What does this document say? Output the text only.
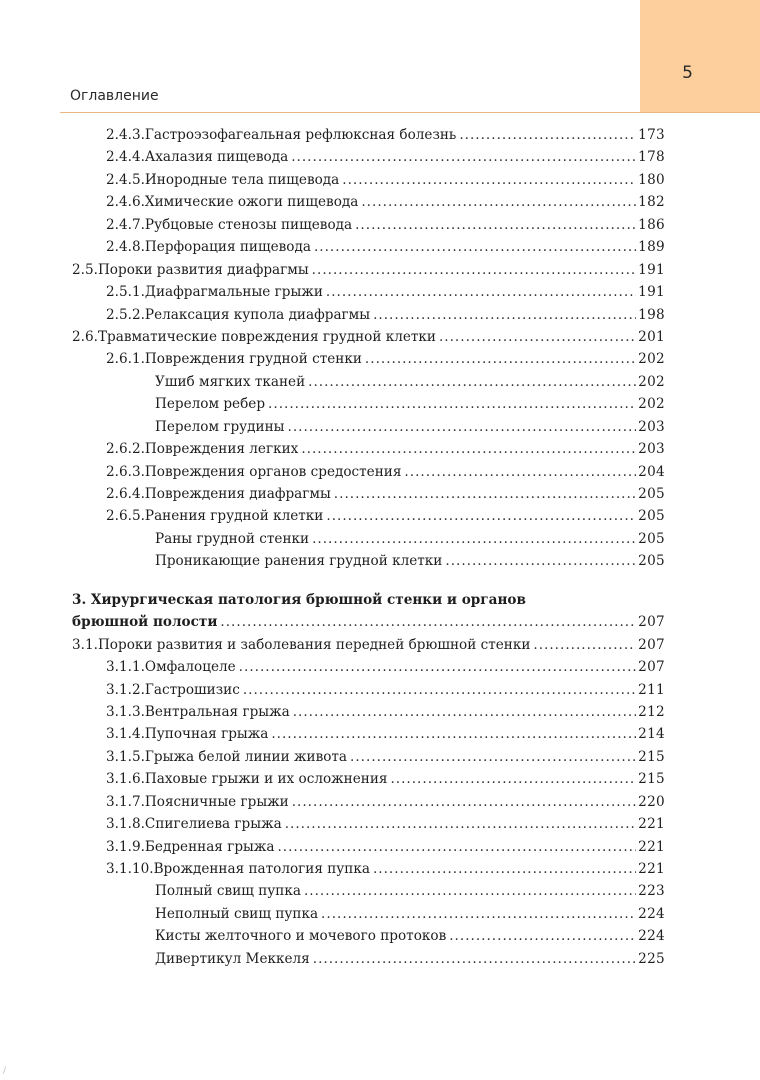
5
Оглавление
2.4.3. Гастроэзофагеальная рефлюксная болезнь .....	173
2.4.4. Ахалазия пищевода .....	178
2.4.5. Инородные тела пищевода .....	180
2.4.6. Химические ожоги пищевода .....	182
2.4.7. Рубцовые стенозы пищевода .....	186
2.4.8. Перфорация пищевода .....	189
2.5. Пороки развития диафрагмы .....	191
2.5.1. Диафрагмальные грыжи .....	191
2.5.2. Релаксация купола диафрагмы .....	198
2.6. Травматические повреждения грудной клетки .....	201
2.6.1. Повреждения грудной стенки .....	202
Ушиб мягких тканей .....	202
Перелом ребер .....	202
Перелом грудины .....	203
2.6.2. Повреждения легких .....	203
2.6.3. Повреждения органов средостения .....	204
2.6.4. Повреждения диафрагмы .....	205
2.6.5. Ранения грудной клетки .....	205
Раны грудной стенки .....	205
Проникающие ранения грудной клетки .....	205
3. Хирургическая патология брюшной стенки и органов
брюшной полости .....	207
3.1. Пороки развития и заболевания передней брюшной стенки .....	207
3.1.1. Омфалоцеле .....	207
3.1.2. Гастрошизис .....	211
3.1.3. Вентральная грыжа .....	212
3.1.4. Пупочная грыжа .....	214
3.1.5. Грыжа белой линии живота .....	215
3.1.6. Паховые грыжи и их осложнения .....	215
3.1.7. Поясничные грыжи .....	220
3.1.8. Спигелиева грыжа .....	221
3.1.9. Бедренная грыжа .....	221
3.1.10. Врожденная патология пупка .....	221
Полный свищ пупка .....	223
Неполный свищ пупка .....	224
Кисты желточного и мочевого протоков .....	224
Дивертикул Меккеля .....	225
/
